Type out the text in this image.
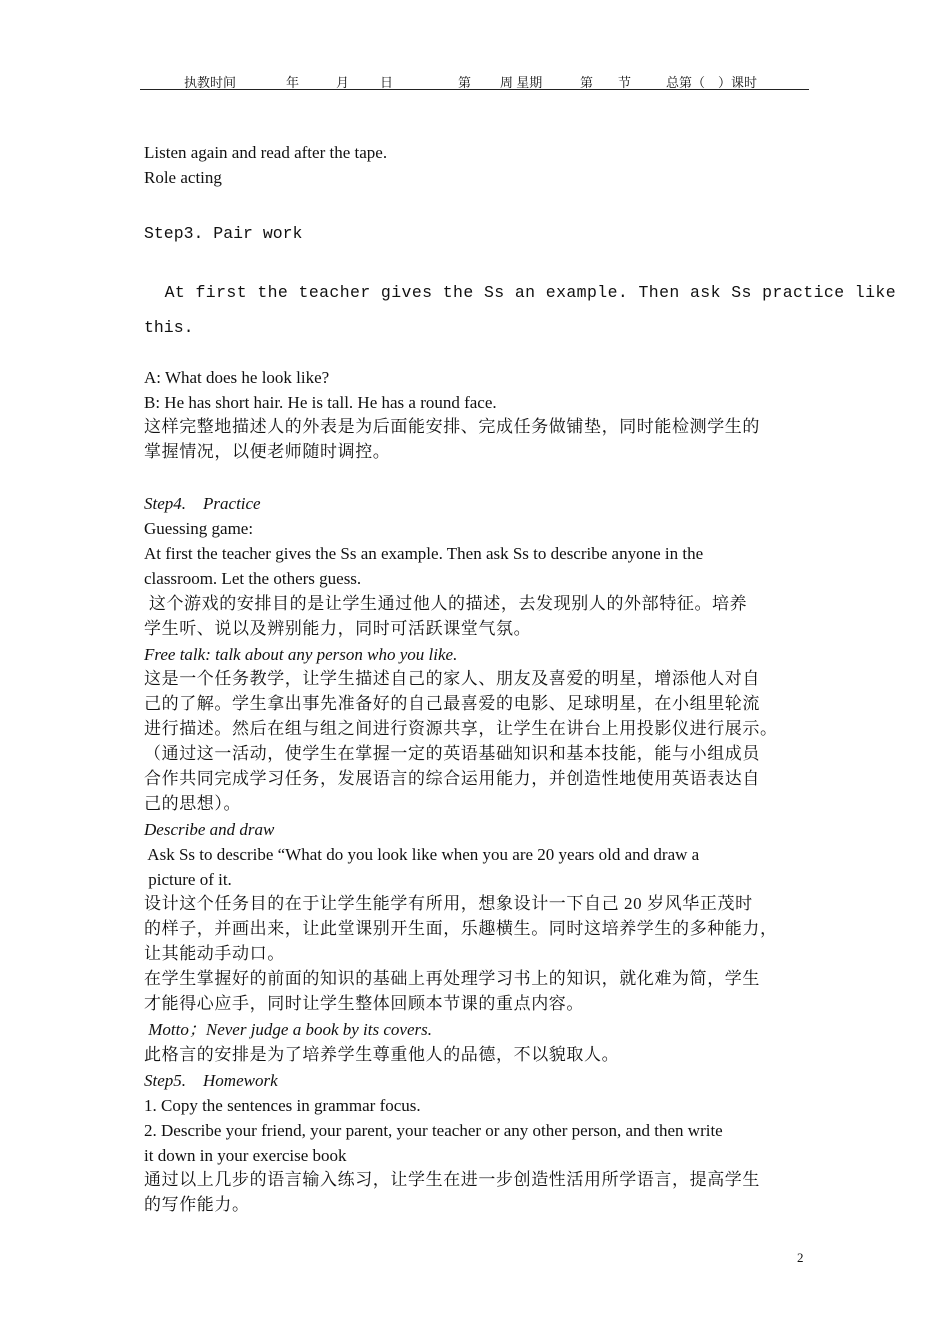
执教时间	年	月 日	第 周 星期	第 节	总第（　）课时
Listen again and read after the tape.
Role acting
Step3. Pair work
At first the teacher gives the Ss an example. Then ask Ss practice like
this.
A: What does he look like?
B: He has short hair. He is tall. He has a round face.
这样完整地描述人的外表是为后面能安排、完成任务做铺垫，同时能检测学生的
掌握情况，以便老师随时调控。
Step4.    Practice
Guessing game:
At first the teacher gives the Ss an example. Then ask Ss to describe anyone in the
classroom. Let the others guess.
这个游戏的安排目的是让学生通过他人的描述，去发现别人的外部特征。培养
学生听、说以及辨别能力，同时可活跃课堂气氛。
Free talk: talk about any person who you like.
这是一个任务教学，让学生描述自己的家人、朋友及喜爱的明星，增添他人对自
己的了解。学生拿出事先准备好的自己最喜爱的电影、足球明星，在小组里轮流
进行描述。然后在组与组之间进行资源共享，让学生在讲台上用投影仪进行展示。
（通过这一活动，使学生在掌握一定的英语基础知识和基本技能，能与小组成员
合作共同完成学习任务，发展语言的综合运用能力，并创造性地使用英语表达自
己的思想）。
Describe and draw
Ask Ss to describe “What do you look like when you are 20 years old and draw a
picture of it.
设计这个任务目的在于让学生能学有所用，想象设计一下自己 20 岁风华正茂时
的样子，并画出来，让此堂课别开生面，乐趣横生。同时这培养学生的多种能力，
让其能动手动口。
在学生掌握好的前面的知识的基础上再处理学习书上的知识，就化难为简，学生
才能得心应手，同时让学生整体回顾本节课的重点内容。
Motto；Never judge a book by its covers.
此格言的安排是为了培养学生尊重他人的品德，不以貌取人。
Step5.    Homework
1. Copy the sentences in grammar focus.
2. Describe your friend, your parent, your teacher or any other person, and then write
it down in your exercise book
通过以上几步的语言输入练习，让学生在进一步创造性活用所学语言，提高学生
的写作能力。
2
